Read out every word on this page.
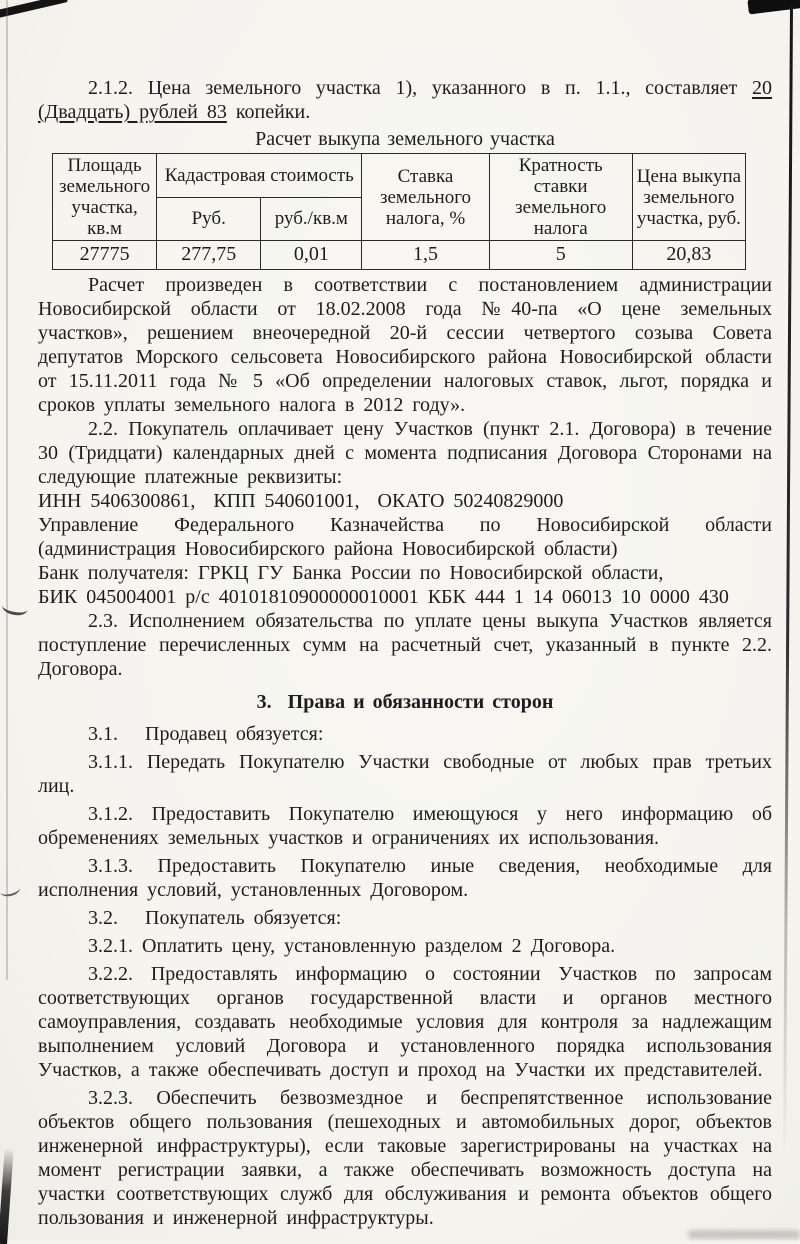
2.1.2. Цена земельного участка 1), указанного в п. 1.1., составляет 20 (Двадцать) рублей 83 копейки.

Расчет выкупа земельного участка

Площадь земельного участка, кв.м	Кадастровая стоимость		Ставка земельного налога, %	Кратность ставки земельного налога	Цена выкупа земельного участка, руб.
	Руб.	руб./кв.м			
27775	277,75	0,01	1,5	5	20,83

Расчет произведен в соответствии с постановлением администрации Новосибирской области от 18.02.2008 года №40-па «О цене земельных участков», решением внеочередной 20-й сессии четвертого созыва Совета депутатов Морского сельсовета Новосибирского района Новосибирской области от 15.11.2011 года № 5 «Об определении налоговых ставок, льгот, порядка и сроков уплаты земельного налога в 2012 году».

2.2. Покупатель оплачивает цену Участков (пункт 2.1. Договора) в течение 30 (Тридцати) календарных дней с момента подписания Договора Сторонами на следующие платежные реквизиты:

ИНН 5406300861,  КПП 540601001,  ОКАТО 50240829000

Управление Федерального Казначейства по Новосибирской области (администрация Новосибирского района Новосибирской области)

Банк получателя: ГРКЦ ГУ Банка России по Новосибирской области,

БИК 045004001 р/с 40101810900000010001 КБК 444 1 14 06013 10 0000 430

2.3. Исполнением обязательства по уплате цены выкупа Участков является поступление перечисленных сумм на расчетный счет, указанный в пункте 2.2. Договора.

3.  Права и обязанности сторон

3.1.   Продавец обязуется:

3.1.1. Передать Покупателю Участки свободные от любых прав третьих лиц.

3.1.2. Предоставить Покупателю имеющуюся у него информацию об обременениях земельных участков и ограничениях их использования.

3.1.3. Предоставить Покупателю иные сведения, необходимые для исполнения условий, установленных Договором.

3.2.   Покупатель обязуется:

3.2.1. Оплатить цену, установленную разделом 2 Договора.

3.2.2. Предоставлять информацию о состоянии Участков по запросам соответствующих органов государственной власти и органов местного самоуправления, создавать необходимые условия для контроля за надлежащим выполнением условий Договора и установленного порядка использования Участков, а также обеспечивать доступ и проход на Участки их представителей.

3.2.3. Обеспечить безвозмездное и беспрепятственное использование объектов общего пользования (пешеходных и автомобильных дорог, объектов инженерной инфраструктуры), если таковые зарегистрированы на участках на момент регистрации заявки, а также обеспечивать возможность доступа на участки соответствующих служб для обслуживания и ремонта объектов общего пользования и инженерной инфраструктуры.
